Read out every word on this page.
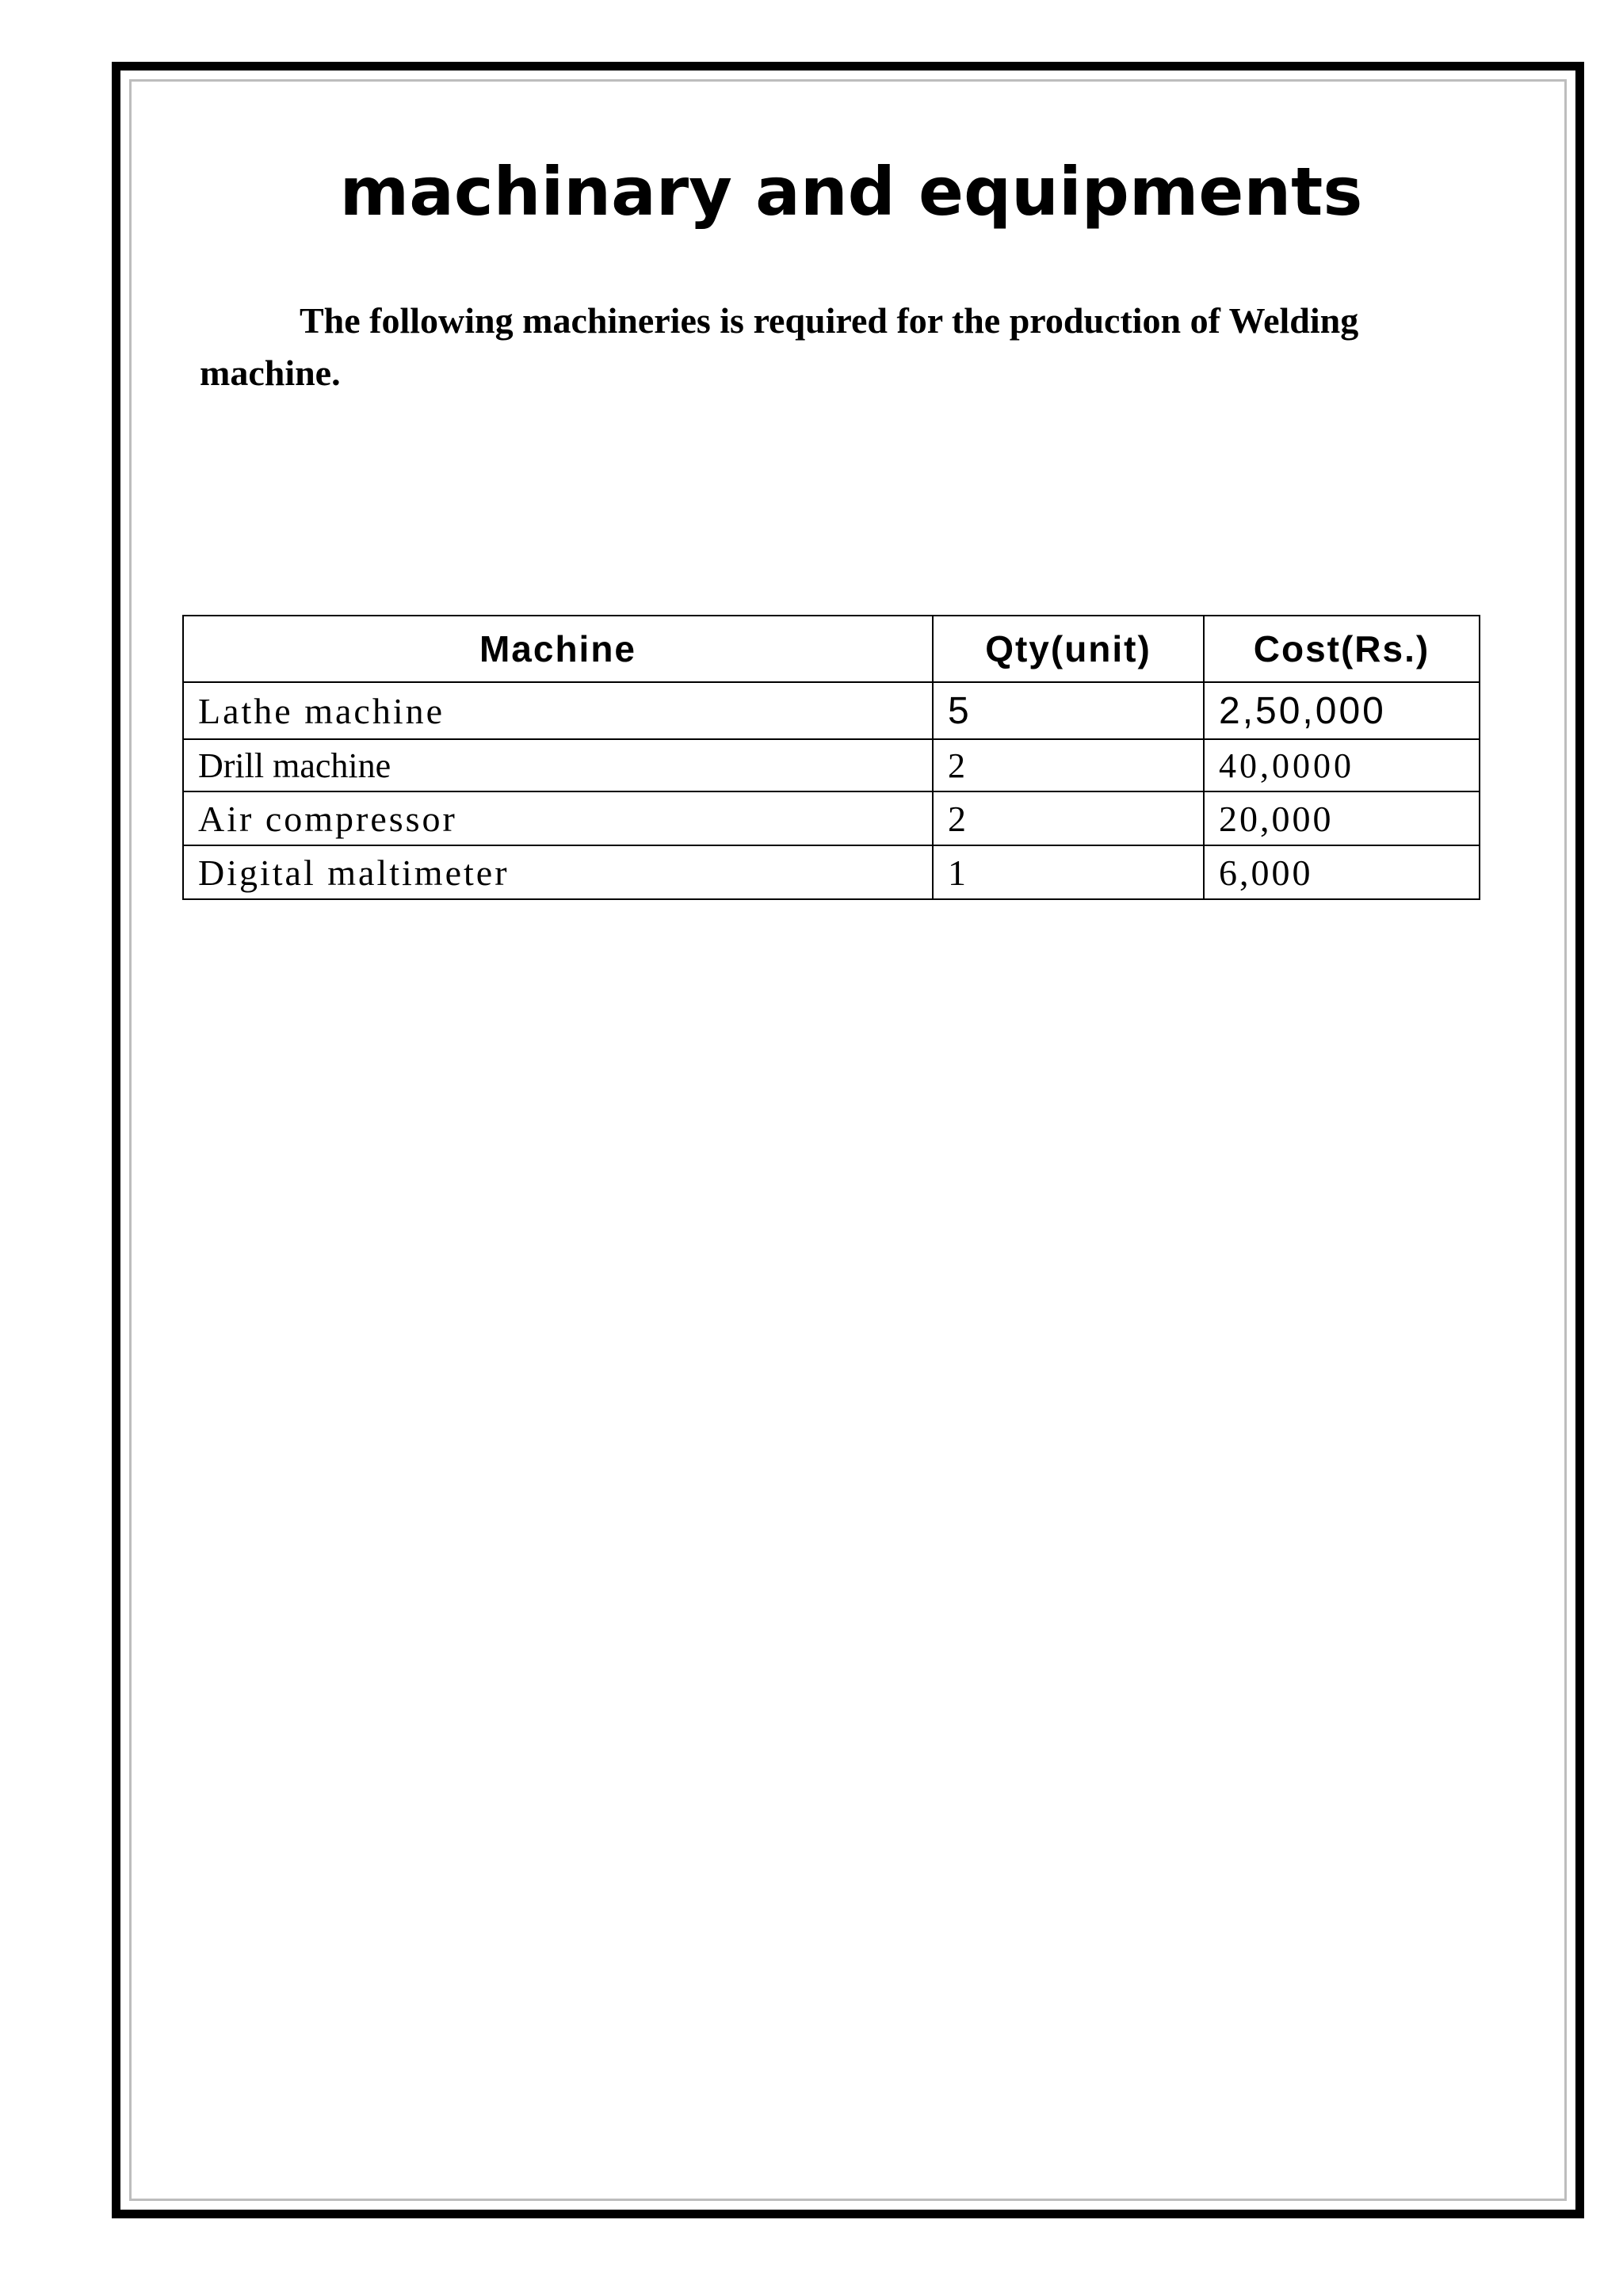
machinary and equipments

The following machineries is required for the production of Welding machine.

Machine	Qty(unit)	Cost(Rs.)
Lathe machine	5	2,50,000
Drill machine	2	40,0000
Air compressor	2	20,000
Digital maltimeter	1	6,000
